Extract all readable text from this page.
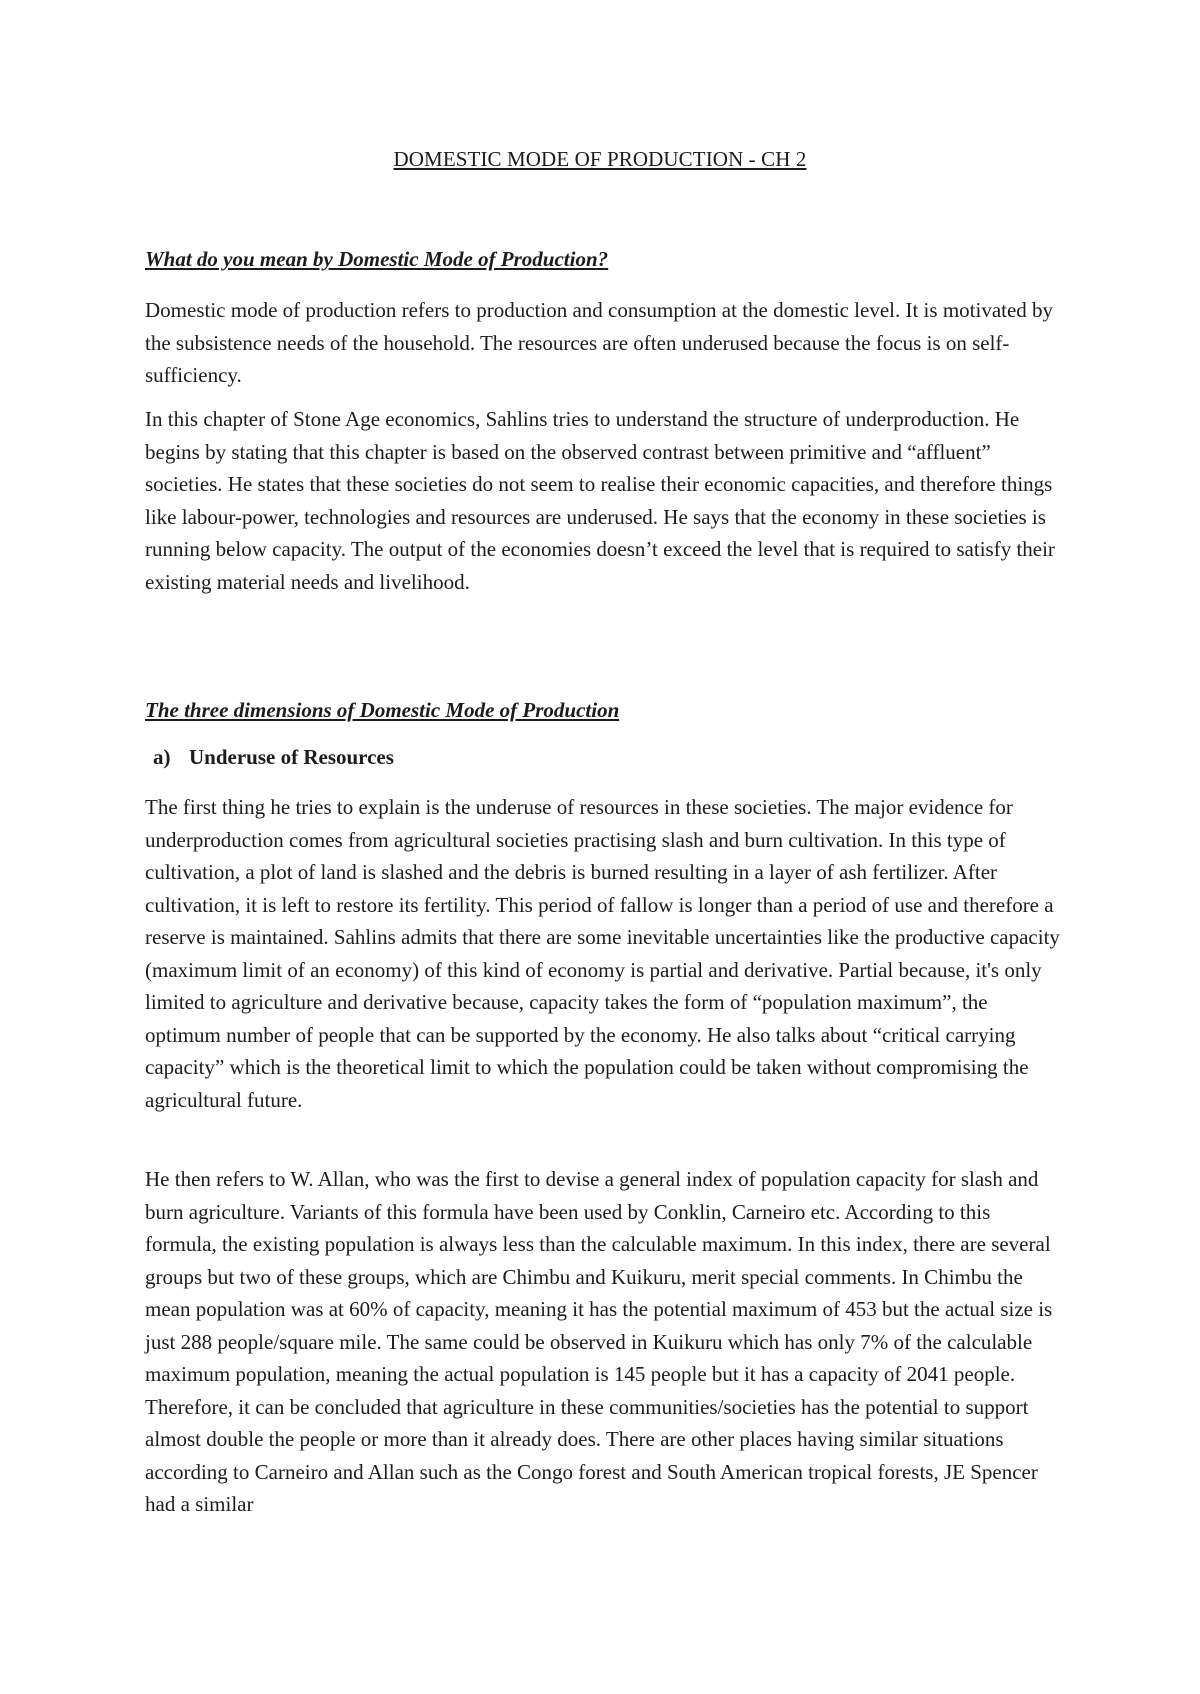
DOMESTIC MODE OF PRODUCTION - CH 2
What do you mean by Domestic Mode of Production?

Domestic mode of production refers to production and consumption at the domestic level. It is motivated by the subsistence needs of the household. The resources are often underused because the focus is on self-sufficiency.

In this chapter of Stone Age economics, Sahlins tries to understand the structure of underproduction. He begins by stating that this chapter is based on the observed contrast between primitive and “affluent” societies. He states that these societies do not seem to realise their economic capacities, and therefore things like labour-power, technologies and resources are underused. He says that the economy in these societies is running below capacity. The output of the economies doesn’t exceed the level that is required to satisfy their existing material needs and livelihood.

The three dimensions of Domestic Mode of Production
a) Underuse of Resources

The first thing he tries to explain is the underuse of resources in these societies. The major evidence for underproduction comes from agricultural societies practising slash and burn cultivation. In this type of cultivation, a plot of land is slashed and the debris is burned resulting in a layer of ash fertilizer. After cultivation, it is left to restore its fertility. This period of fallow is longer than a period of use and therefore a reserve is maintained. Sahlins admits that there are some inevitable uncertainties like the productive capacity (maximum limit of an economy) of this kind of economy is partial and derivative. Partial because, it's only limited to agriculture and derivative because, capacity takes the form of “population maximum”, the optimum number of people that can be supported by the economy. He also talks about “critical carrying capacity” which is the theoretical limit to which the population could be taken without compromising the agricultural future.

He then refers to W. Allan, who was the first to devise a general index of population capacity for slash and burn agriculture. Variants of this formula have been used by Conklin, Carneiro etc. According to this formula, the existing population is always less than the calculable maximum. In this index, there are several groups but two of these groups, which are Chimbu and Kuikuru, merit special comments. In Chimbu the mean population was at 60% of capacity, meaning it has the potential maximum of 453 but the actual size is just 288 people/square mile. The same could be observed in Kuikuru which has only 7% of the calculable maximum population, meaning the actual population is 145 people but it has a capacity of 2041 people. Therefore, it can be concluded that agriculture in these communities/societies has the potential to support almost double the people or more than it already does. There are other places having similar situations according to Carneiro and Allan such as the Congo forest and South American tropical forests, JE Spencer had a similar
